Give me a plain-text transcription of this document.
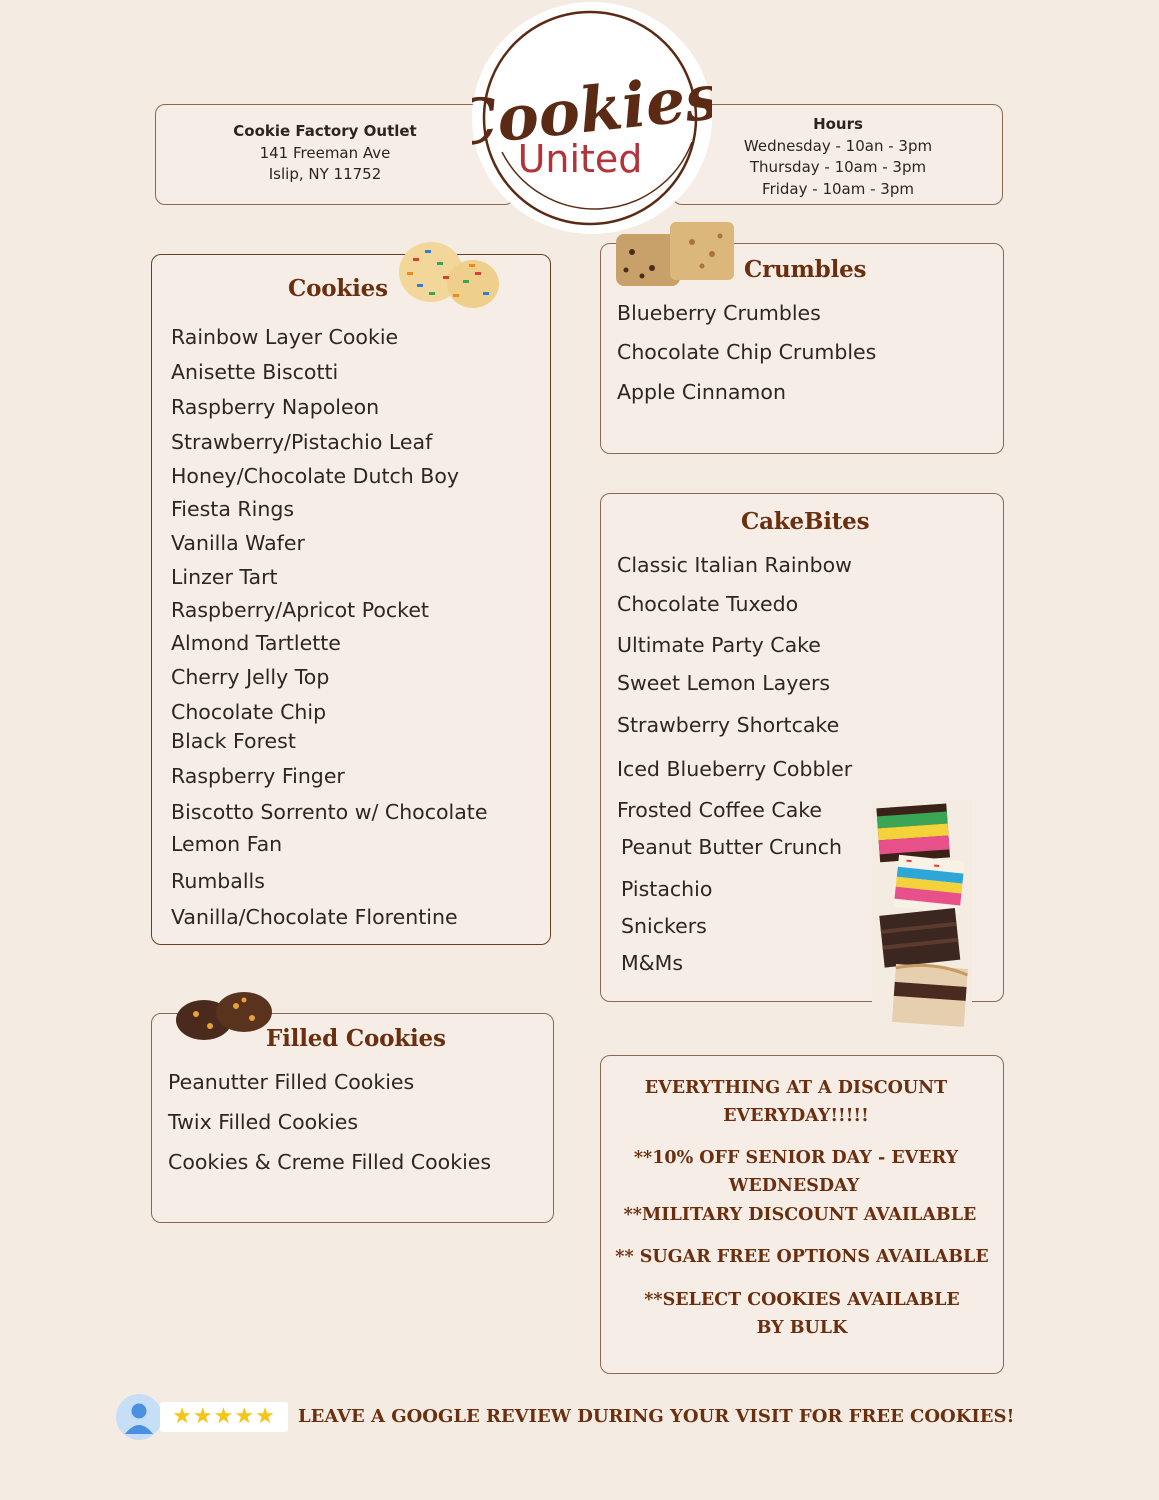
Cookie Factory Outlet
141 Freeman Ave
Islip, NY 11752
Hours
Wednesday - 10an - 3pm
Thursday - 10am - 3pm
Friday - 10am - 3pm
Cookies
United
Cookies
Rainbow Layer Cookie
Anisette Biscotti
Raspberry Napoleon
Strawberry/Pistachio Leaf
Honey/Chocolate Dutch Boy
Fiesta Rings
Vanilla Wafer
Linzer Tart
Raspberry/Apricot Pocket
Almond Tartlette
Cherry Jelly Top
Chocolate Chip
Black Forest
Raspberry Finger
Biscotto Sorrento w/ Chocolate
Lemon Fan
Rumballs
Vanilla/Chocolate Florentine
Crumbles
Blueberry Crumbles
Chocolate Chip Crumbles
Apple Cinnamon
CakeBites
Classic Italian Rainbow
Chocolate Tuxedo
Ultimate Party Cake
Sweet Lemon Layers
Strawberry Shortcake
Iced Blueberry Cobbler
Frosted Coffee Cake
Peanut Butter Crunch
Pistachio
Snickers
M&Ms
Filled Cookies
Peanutter Filled Cookies
Twix Filled Cookies
Cookies & Creme Filled Cookies
EVERYTHING AT A DISCOUNT
EVERYDAY!!!!!
**10% OFF SENIOR DAY - EVERY
WEDNESDAY
**MILITARY DISCOUNT AVAILABLE
** SUGAR FREE OPTIONS AVAILABLE
**SELECT COOKIES AVAILABLE
BY BULK
★★★★★	LEAVE A GOOGLE REVIEW DURING YOUR VISIT FOR FREE COOKIES!
